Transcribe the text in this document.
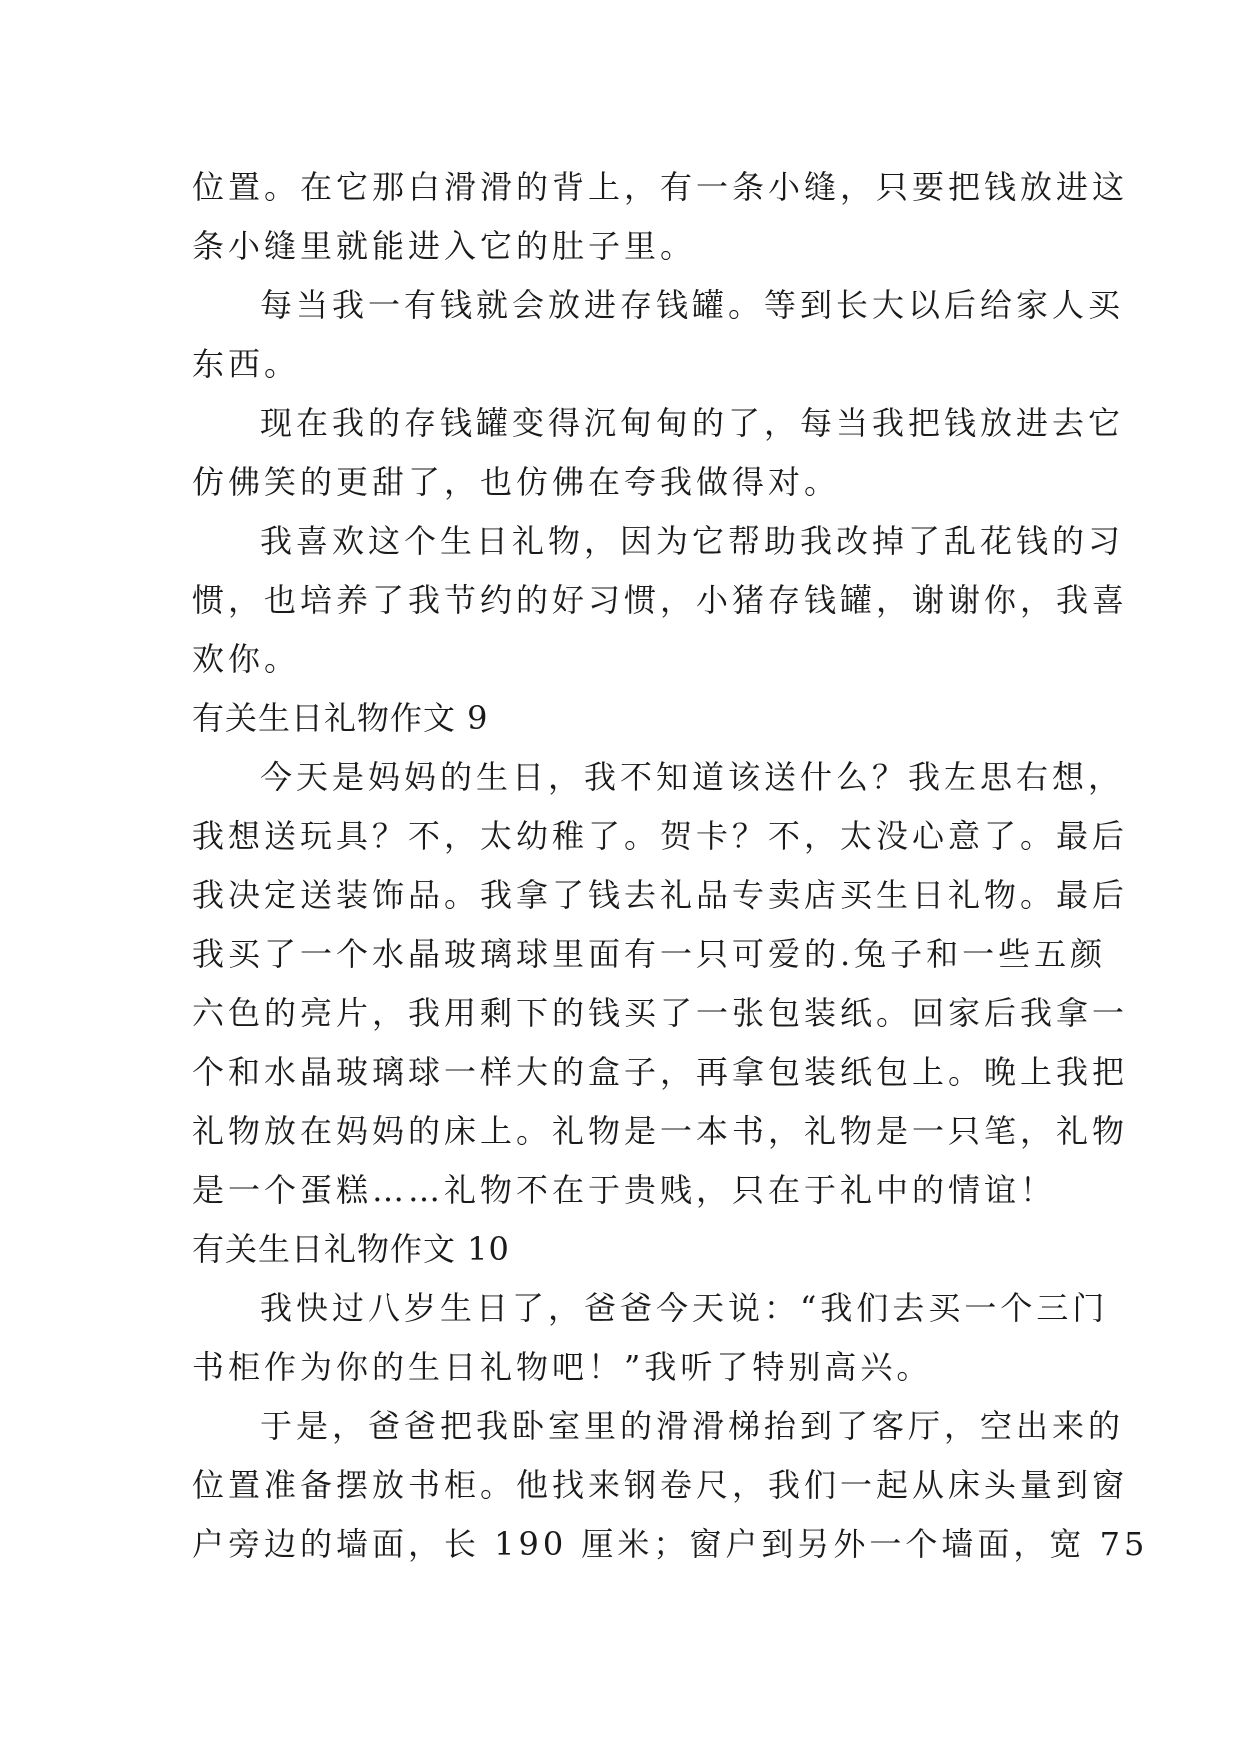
位置。在它那白滑滑的背上，有一条小缝，只要把钱放进这
条小缝里就能进入它的肚子里。
每当我一有钱就会放进存钱罐。等到长大以后给家人买
东西。
现在我的存钱罐变得沉甸甸的了，每当我把钱放进去它
仿佛笑的更甜了，也仿佛在夸我做得对。
我喜欢这个生日礼物，因为它帮助我改掉了乱花钱的习
惯，也培养了我节约的好习惯，小猪存钱罐，谢谢你，我喜
欢你。
有关生日礼物作文 9
今天是妈妈的生日，我不知道该送什么？我左思右想，
我想送玩具？不，太幼稚了。贺卡？不，太没心意了。最后
我决定送装饰品。我拿了钱去礼品专卖店买生日礼物。最后
我买了一个水晶玻璃球里面有一只可爱的.兔子和一些五颜
六色的亮片，我用剩下的钱买了一张包装纸。回家后我拿一
个和水晶玻璃球一样大的盒子，再拿包装纸包上。晚上我把
礼物放在妈妈的床上。礼物是一本书，礼物是一只笔，礼物
是一个蛋糕……礼物不在于贵贱，只在于礼中的情谊！
有关生日礼物作文 10
我快过八岁生日了，爸爸今天说：“我们去买一个三门
书柜作为你的生日礼物吧！”我听了特别高兴。
于是，爸爸把我卧室里的滑滑梯抬到了客厅，空出来的
位置准备摆放书柜。他找来钢卷尺，我们一起从床头量到窗
户旁边的墙面，长 190 厘米；窗户到另外一个墙面，宽 75
